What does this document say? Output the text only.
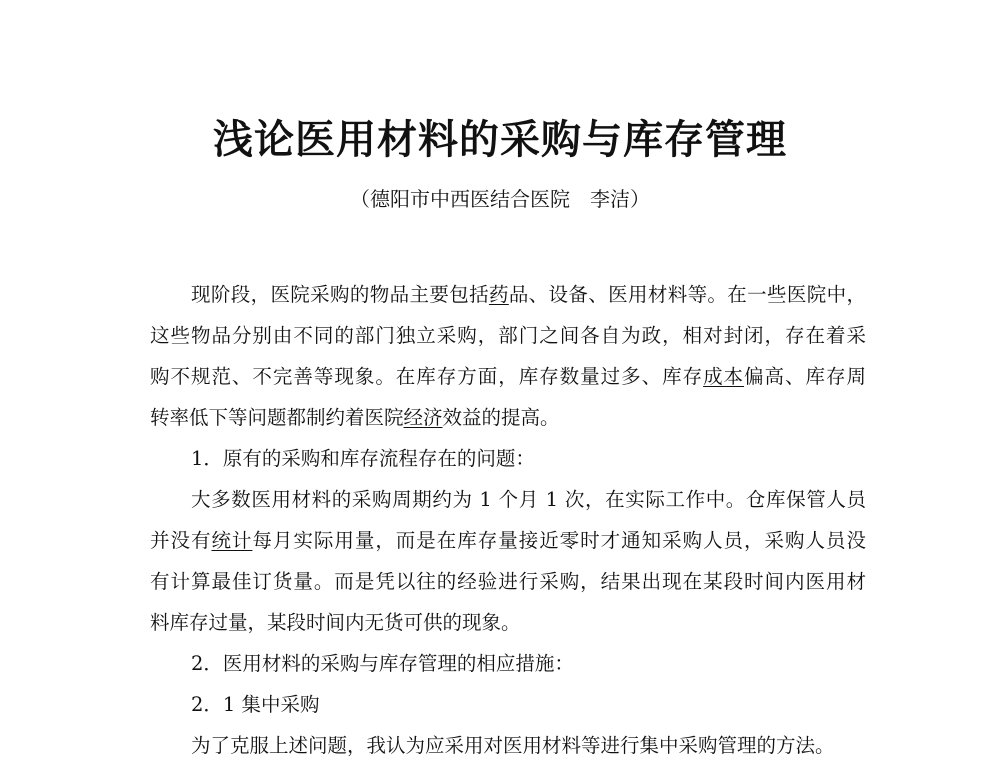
浅论医用材料的采购与库存管理
（德阳市中西医结合医院　李洁）
现阶段，医院采购的物品主要包括药品、设备、医用材料等。在一些医院中，
这些物品分别由不同的部门独立采购，部门之间各自为政，相对封闭，存在着采
购不规范、不完善等现象。在库存方面，库存数量过多、库存成本偏高、库存周
转率低下等问题都制约着医院经济效益的提高。
1．原有的采购和库存流程存在的问题：
大多数医用材料的采购周期约为 1 个月 1 次，在实际工作中。仓库保管人员
并没有统计每月实际用量，而是在库存量接近零时才通知采购人员，采购人员没
有计算最佳订货量。而是凭以往的经验进行采购，结果出现在某段时间内医用材
料库存过量，某段时间内无货可供的现象。
2．医用材料的采购与库存管理的相应措施：
2．1 集中采购
为了克服上述问题，我认为应采用对医用材料等进行集中采购管理的方法。
